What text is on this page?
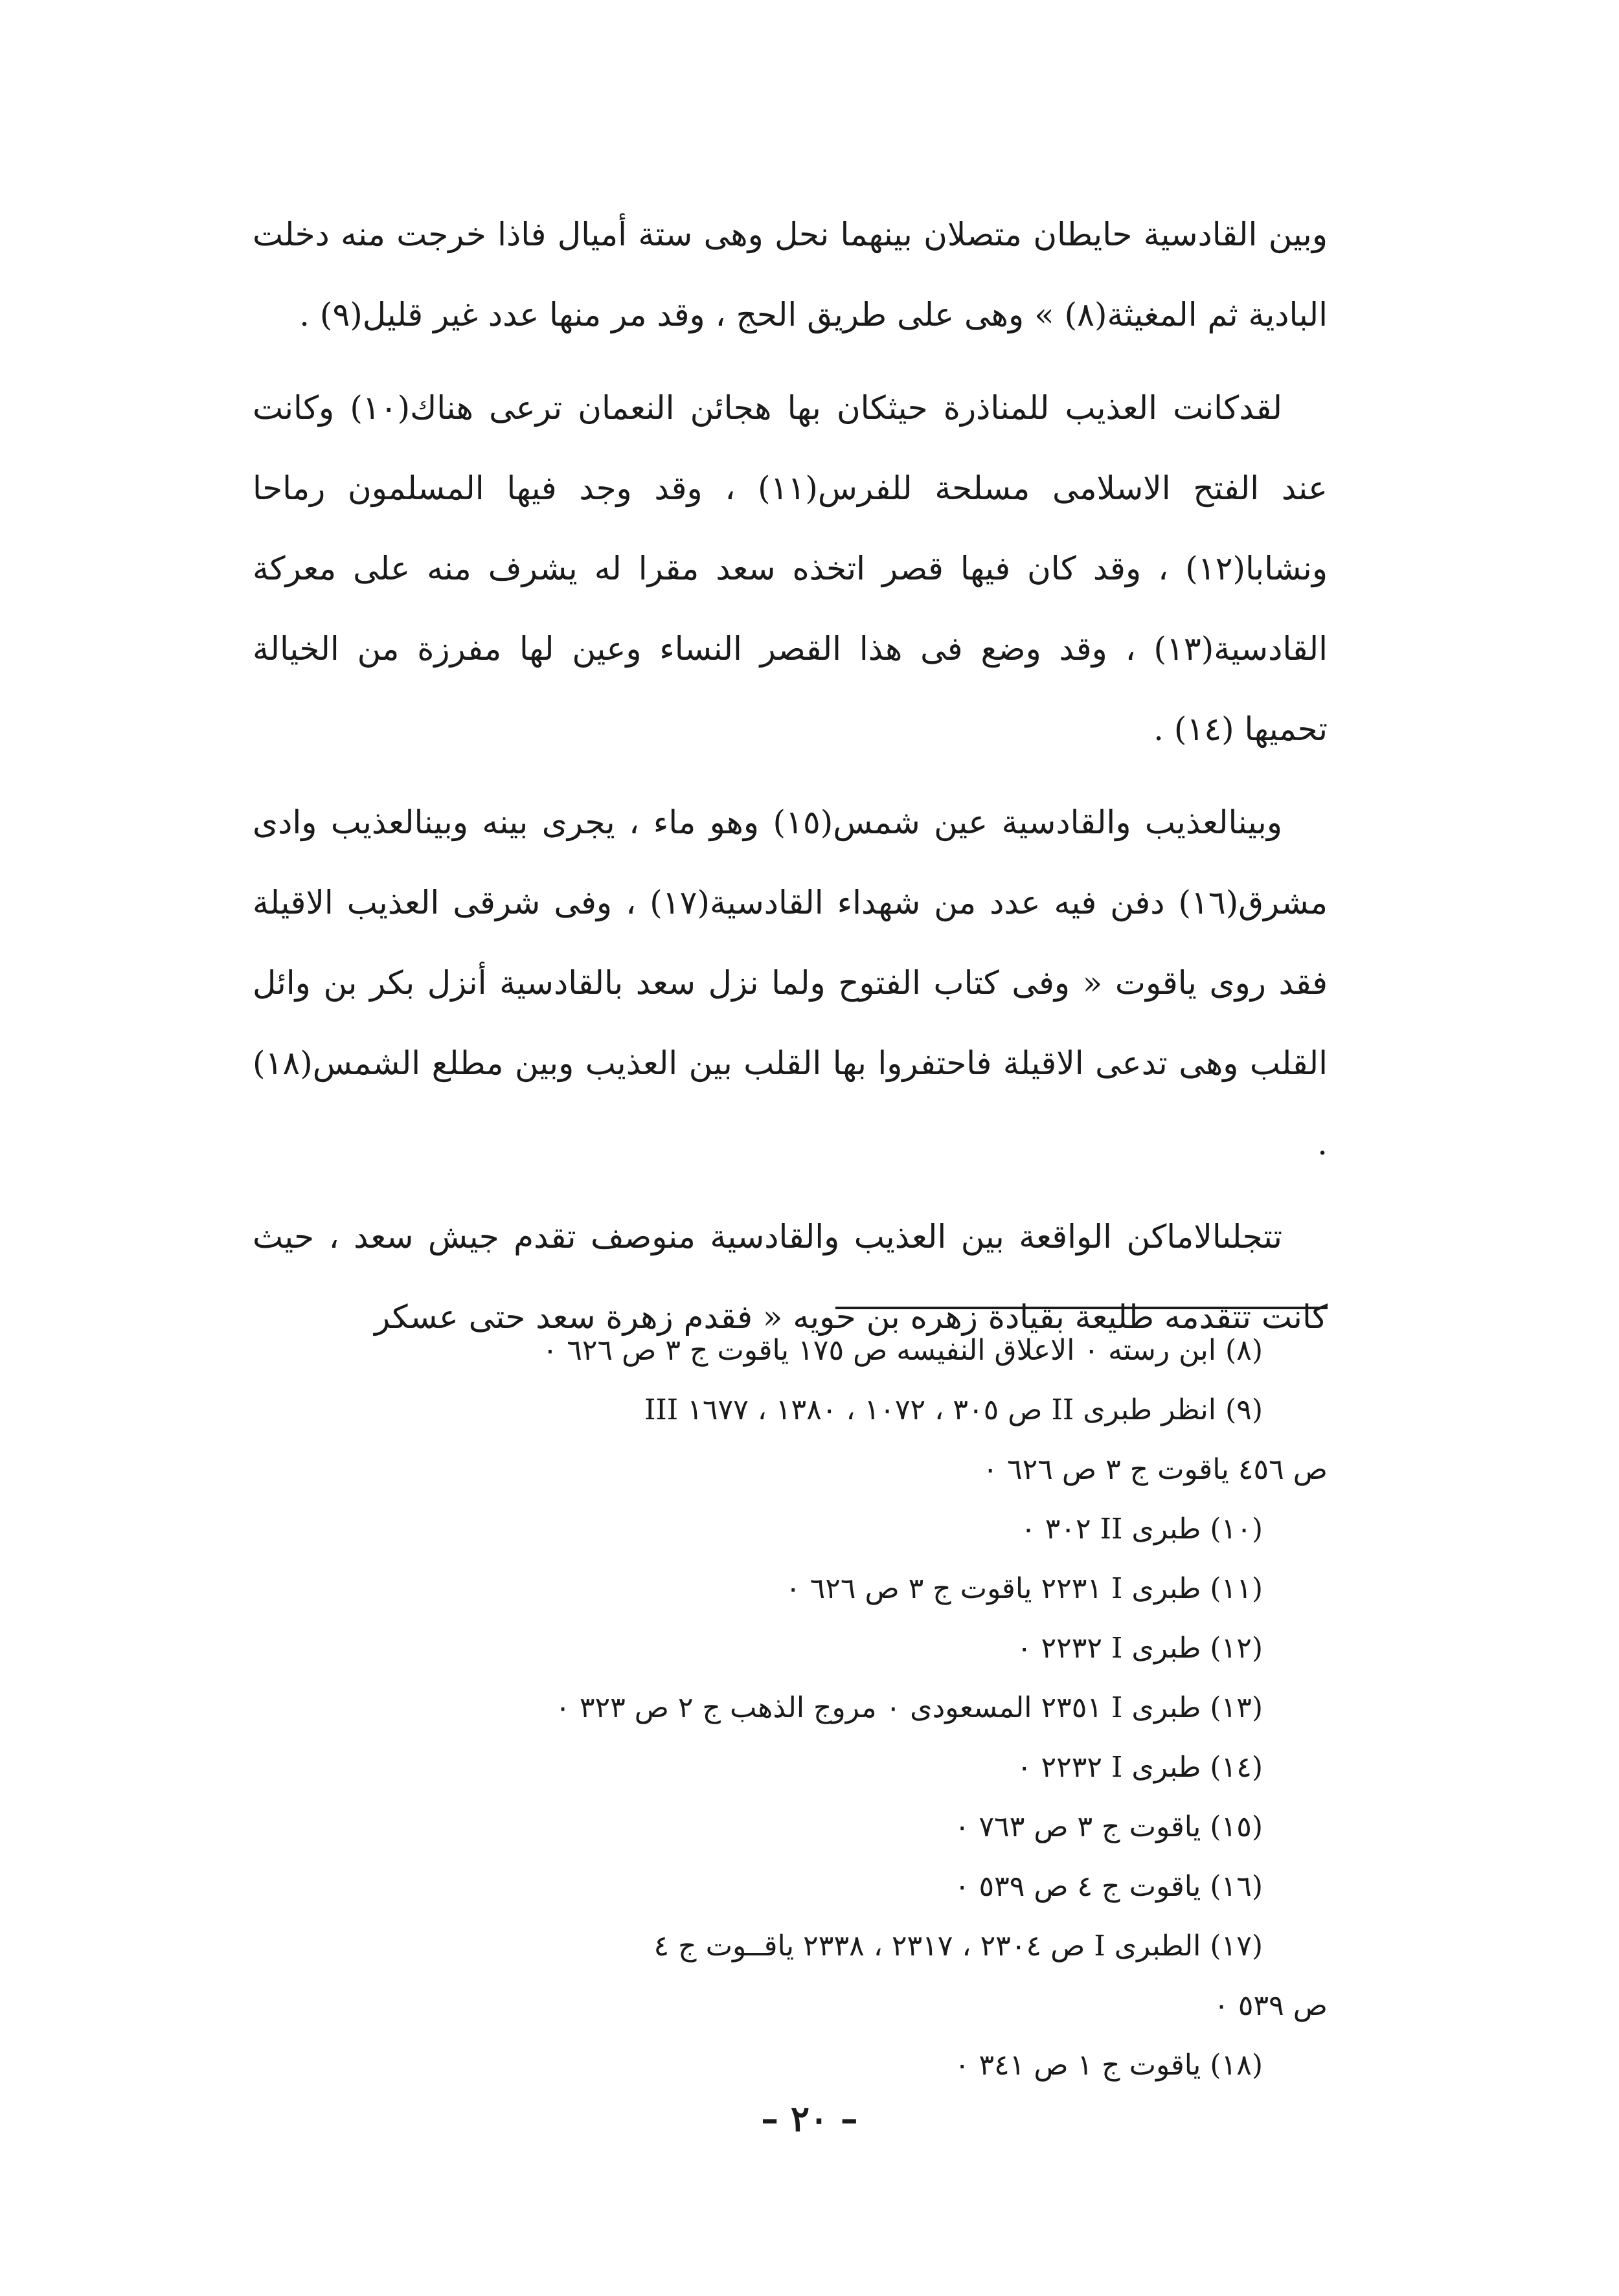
وبين القادسية حايطان متصلان بينهما نحل وهى ستة أميال فاذا خرجت منه دخلت البادية ثم المغيثة(٨) » وهى على طريق الحج ، وقد مر منها عدد غير قليل(٩) .

لقدكانت العذيب للمناذرة حيثكان بها هجائن النعمان ترعى هناك(١٠) وكانت عند الفتح الاسلامى مسلحة للفرس(١١) ، وقد وجد فيها المسلمون رماحا ونشابا(١٢) ، وقد كان فيها قصر اتخذه سعد مقرا له يشرف منه على معركة القادسية(١٣) ، وقد وضع فى هذا القصر النساء وعين لها مفرزة من الخيالة تحميها (١٤) .

وبينالعذيب والقادسية عين شمس(١٥) وهو ماء ، يجرى بينه وبينالعذيب وادى مشرق(١٦) دفن فيه عدد من شهداء القادسية(١٧) ، وفى شرقى العذيب الاقيلة فقد روى ياقوت « وفى كتاب الفتوح ولما نزل سعد بالقادسية أنزل بكر بن وائل القلب وهى تدعى الاقيلة فاحتفروا بها القلب بين العذيب وبين مطلع الشمس(١٨) .

تتجلىالاماكن الواقعة بين العذيب والقادسية منوصف تقدم جيش سعد ، حيث كانت تتقدمه طليعة بقيادة زهره بن حويه « فقدم زهرة سعد حتى عسكر

(٨) ابن رسته ٠ الاعلاق النفيسه ص ١٧٥ ياقوت ج ٣ ص ٦٢٦ ٠

(٩) انظر طبرى II ص ٣٠٥ ، ١٠٧٢ ، ١٣٨٠ ، ١٦٧٧ III

ص ٤٥٦ ياقوت ج ٣ ص ٦٢٦ ٠

(١٠) طبرى II ٣٠٢ ٠

(١١) طبرى I ٢٢٣١ ياقوت ج ٣ ص ٦٢٦ ٠

(١٢) طبرى I ٢٢٣٢ ٠

(١٣) طبرى I ٢٣٥١ المسعودى ٠ مروج الذهب ج ٢ ص ٣٢٣ ٠

(١٤) طبرى I ٢٢٣٢ ٠

(١٥) ياقوت ج ٣ ص ٧٦٣ ٠

(١٦) ياقوت ج ٤ ص ٥٣٩ ٠

(١٧) الطبرى I ص ٢٣٠٤ ، ٢٣١٧ ، ٢٣٣٨ ياقــوت ج ٤

ص ٥٣٩ ٠

(١٨) ياقوت ج ١ ص ٣٤١ ٠

– ٢٠ –
